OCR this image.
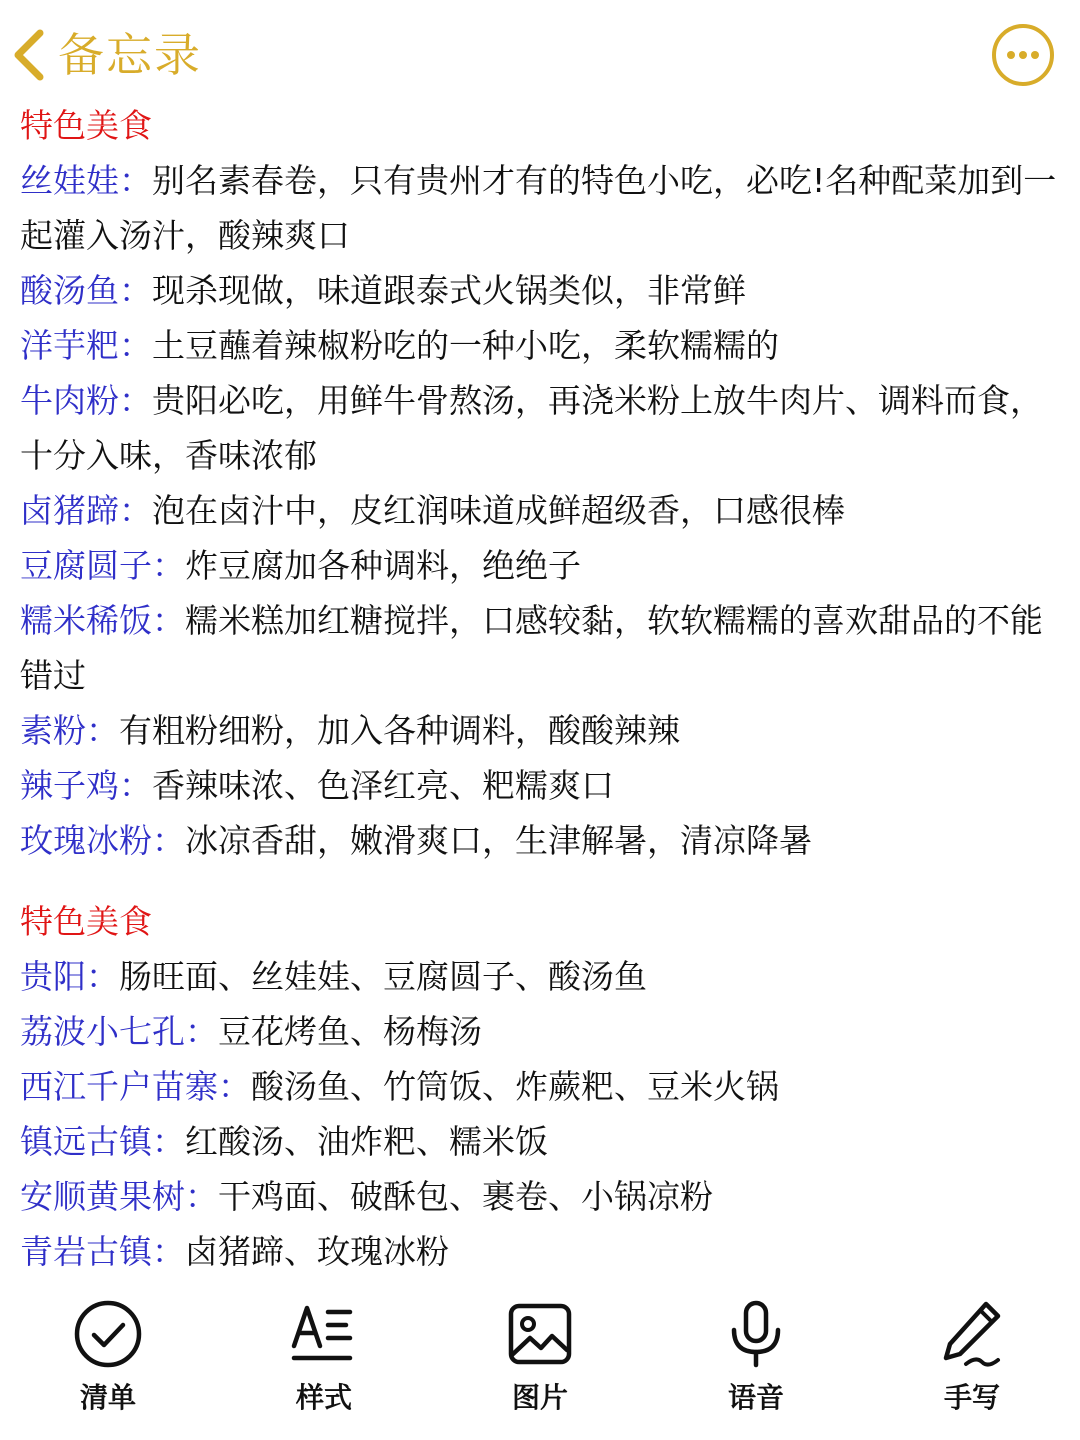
备忘录
特色美食
丝娃娃：别名素春卷，只有贵州才有的特色小吃，必吃!名种配菜加到一起灌入汤汁，酸辣爽口
酸汤鱼：现杀现做，味道跟泰式火锅类似，非常鲜
洋芋粑：土豆蘸着辣椒粉吃的一种小吃，柔软糯糯的
牛肉粉：贵阳必吃，用鲜牛骨熬汤，再浇米粉上放牛肉片、调料而食，十分入味，香味浓郁
卤猪蹄：泡在卤汁中，皮红润味道成鲜超级香，口感很棒
豆腐圆子：炸豆腐加各种调料，绝绝子
糯米稀饭：糯米糕加红糖搅拌，口感较黏，软软糯糯的喜欢甜品的不能错过
素粉：有粗粉细粉，加入各种调料，酸酸辣辣
辣子鸡：香辣味浓、色泽红亮、粑糯爽口
玫瑰冰粉：冰凉香甜，嫩滑爽口，生津解暑，清凉降暑
特色美食
贵阳：肠旺面、丝娃娃、豆腐圆子、酸汤鱼
荔波小七孔：豆花烤鱼、杨梅汤
西江千户苗寨：酸汤鱼、竹筒饭、炸蕨粑、豆米火锅
镇远古镇：红酸汤、油炸粑、糯米饭
安顺黄果树：干鸡面、破酥包、裹卷、小锅凉粉
青岩古镇：卤猪蹄、玫瑰冰粉
清单	样式	图片	语音	手写
